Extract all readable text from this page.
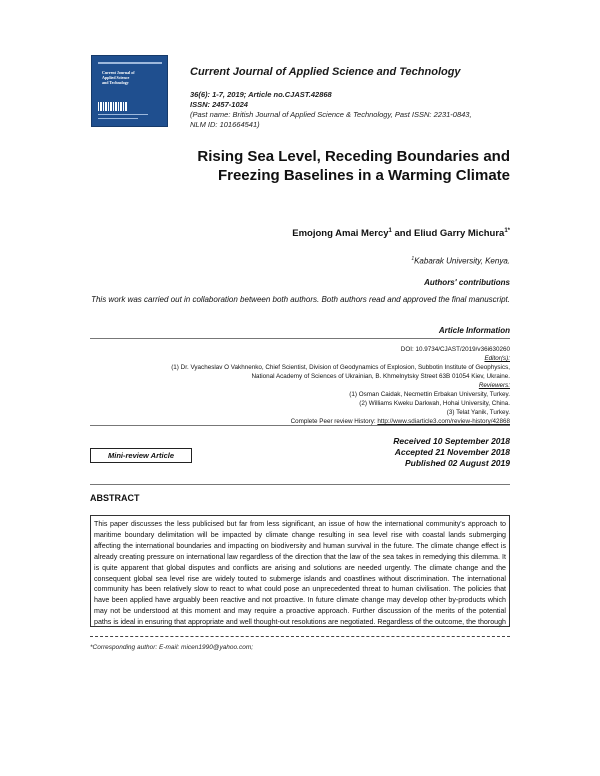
Current Journal of
Applied Science
and Technology
Current Journal of Applied Science and Technology
36(6): 1-7, 2019; Article no.CJAST.42868
ISSN: 2457-1024
(Past name: British Journal of Applied Science & Technology, Past ISSN: 2231-0843,
NLM ID: 101664541)
Rising Sea Level, Receding Boundaries and
Freezing Baselines in a Warming Climate
Emojong Amai Mercy$^1$ and Eliud Garry Michura$^{1*}$
$^1$Kabarak University, Kenya.
Authors' contributions
This work was carried out in collaboration between both authors. Both authors read and approved the final manuscript.
Article Information
DOI: 10.9734/CJAST/2019/v36i630260
Editor(s):
(1) Dr. Vyacheslav O Vakhnenko, Chief Scientist, Division of Geodynamics of Explosion, Subbotin Institute of Geophysics,
National Academy of Sciences of Ukrainian, B. Khmelnytsky Street 63B 01054 Kiev, Ukraine.
Reviewers:
(1) Osman Caidak, Necmettin Erbakan University, Turkey.
(2) Williams Kweku Darkwah, Hohai University, China.
(3) Telat Yanik, Turkey.
Complete Peer review History: http://www.sdiarticle3.com/review-history/42868
Received 10 September 2018
Accepted 21 November 2018
Published 02 August 2019
Mini-review Article
ABSTRACT
This paper discusses the less publicised but far from less significant, an issue of how the international community's approach to maritime boundary delimitation will be impacted by climate change resulting in sea level rise with coastal lands submerging affecting the international boundaries and impacting on biodiversity and human survival in the future. The climate change effect is already creating pressure on international law regardless of the direction that the law of the sea takes in remedying this dilemma. It is quite apparent that global disputes and conflicts are arising and solutions are needed urgently. The climate change and the consequent global sea level rise are widely touted to submerge islands and coastlines without discrimination. The international community has been relatively slow to react to what could pose an unprecedented threat to human civilisation. The policies that have been applied have arguably been reactive and not proactive. In future climate change may develop other by-products which may not be understood at this moment and may require a proactive approach. Further discussion of the merits of the potential paths is ideal in ensuring that appropriate and well thought-out resolutions are negotiated. Regardless of the outcome, the thorough
*Corresponding author: E-mail: micen1990@yahoo.com;
